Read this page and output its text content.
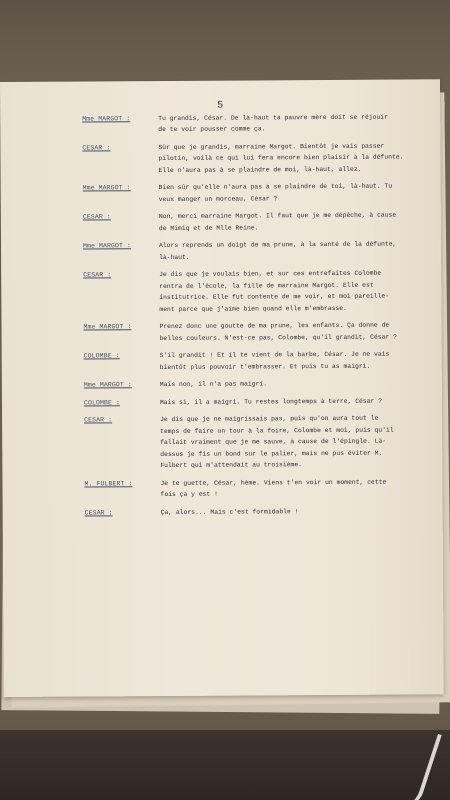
5
Mme MARGOT :	Tu grandis, César. De là-haut ta pauvre mère doit se réjouir
de te voir pousser comme ça.
CESAR :	Sûr que je grandis, marraine Margot. Bientôt je vais passer
pilotin, voilà ce qui lui fera encore bien plaisir à la défunte.
Elle n'aura pas à se plaindre de moi, là-haut, allez.
Mme MARGOT :	Bien sûr qu'elle n'aura pas à se plaindre de toi, là-haut. Tu
veux manger un morceau, César ?
CESAR :	Non, merci marraine Margot. Il faut que je me dépêche, à cause
de Mimiq et de Mlle Reine.
Mme MARGOT :	Alors reprends un doigt de ma prune, à la santé de la défunte,
là-haut.
CESAR :	Je dis que je voulais bien, et sur ces entrefaites Colombe
rentra de l'école, la fille de marraine Margot. Elle est
institutrice. Elle fut contente de me voir, et moi pareille-
ment parce que j'aime bien quand elle m'embrasse.
Mme MARGOT :	Prenez donc une goutte de ma prune, les enfants. Ça donne de
belles couleurs. N'est-ce pas, Colombe, qu'il grandit, César ?
COLOMBE :	S'il grandit ! Et il te vient de la barbe, César. Je ne vais
bientôt plus pouvoir t'embrasser. Et puis tu as maigri.
Mme MARGOT :	Mais non, il n'a pas maigri.
COLOMBE :	Mais si, il a maigri. Tu restes longtemps à terre, César ?
CESAR :	Je dis que je ne maigrissais pas, puis qu'on aura tout le
temps de faire un tour à la foire, Colombe et moi, puis qu'il
fallait vraiment que je me sauve, à cause de l'épingle. Là-
dessus je fis un bond sur le palier, mais ne pus éviter M.
Fulbert qui m'attendait au troisième.
M. FULBERT :	Je te guette, César, hème. Viens t'en voir un moment, cette
fois ça y est !
CESAR :	Ça, alors... Mais c'est formidable !
